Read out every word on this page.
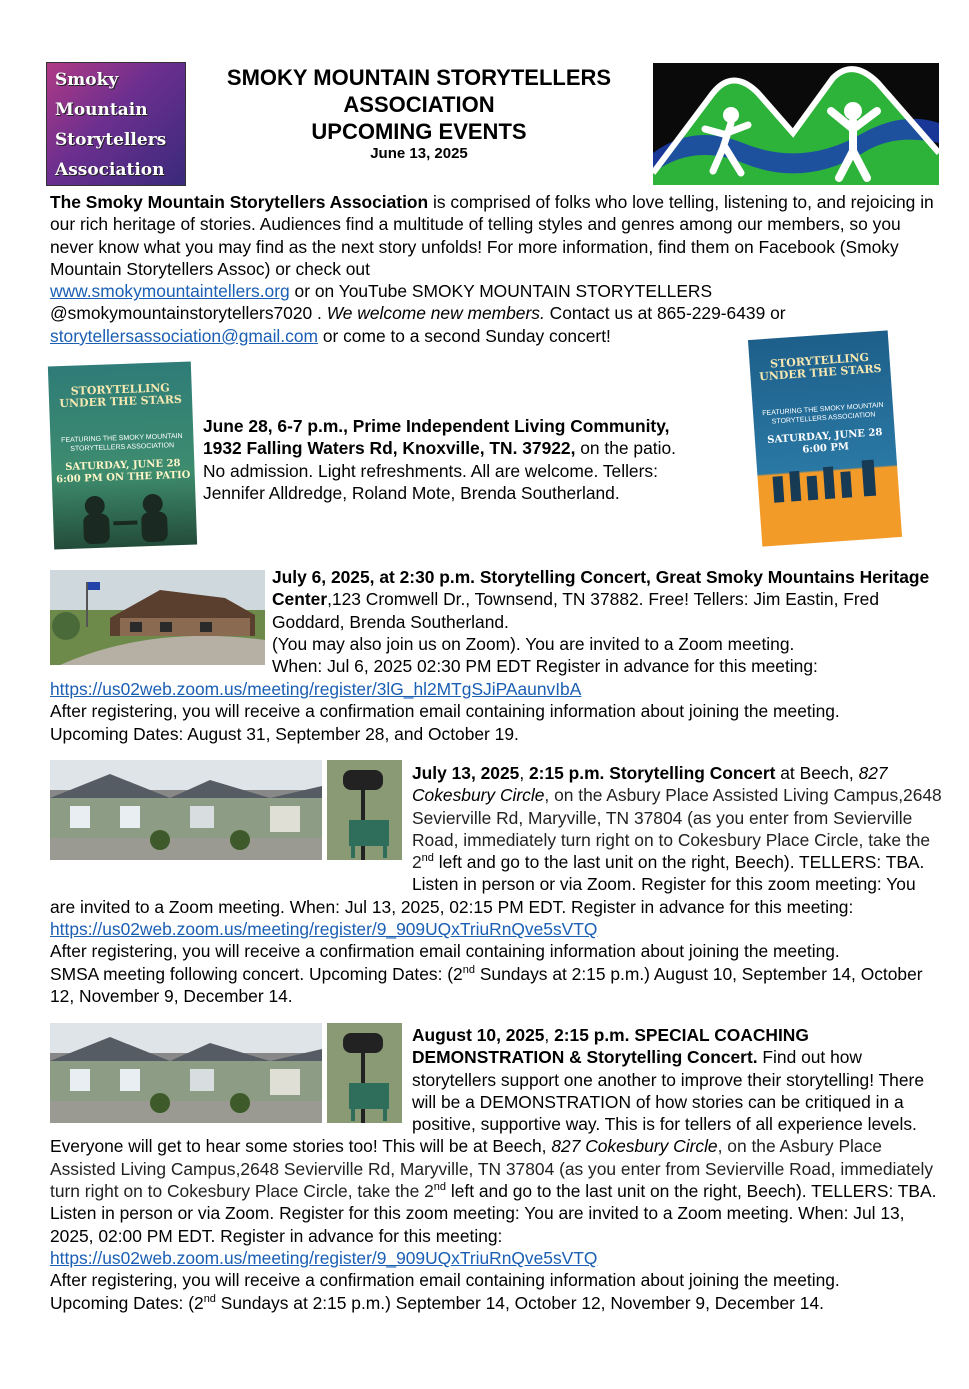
Smoky
Mountain
Storytellers
Association
SMOKY MOUNTAIN STORYTELLERS
ASSOCIATION
UPCOMING EVENTS
June 13, 2025
The Smoky Mountain Storytellers Association is comprised of folks who love telling, listening to, and rejoicing in our rich heritage of stories. Audiences find a multitude of telling styles and genres among our members, so you never know what you may find as the next story unfolds! For more information, find them on Facebook (Smoky Mountain Storytellers Assoc) or check out
www.smokymountaintellers.org or on YouTube SMOKY MOUNTAIN STORYTELLERS @smokymountainstorytellers7020 . We welcome new members. Contact us at 865-229-6439 or
storytellersassociation@gmail.com or come to a second Sunday concert!
STORYTELLING UNDER THE STARS
FEATURING THE SMOKY MOUNTAIN STORYTELLERS ASSOCIATION
SATURDAY, JUNE 28 6:00 PM ON THE PATIO
June 28, 6-7 p.m., Prime Independent Living Community,
1932 Falling Waters Rd, Knoxville, TN. 37922, on the patio.
No admission. Light refreshments. All are welcome. Tellers:
Jennifer Alldredge, Roland Mote, Brenda Southerland.
STORYTELLING UNDER THE STARS
FEATURING THE SMOKY MOUNTAIN STORYTELLERS ASSOCIATION
SATURDAY, JUNE 28 6:00 PM
July 6, 2025, at 2:30 p.m. Storytelling Concert, Great Smoky Mountains Heritage Center,123 Cromwell Dr., Townsend, TN 37882. Free! Tellers: Jim Eastin, Fred Goddard, Brenda Southerland.
(You may also join us on Zoom). You are invited to a Zoom meeting.
When: Jul 6, 2025 02:30 PM EDT Register in advance for this meeting:
https://us02web.zoom.us/meeting/register/3lG_hl2MTgSJiPAaunvIbA
After registering, you will receive a confirmation email containing information about joining the meeting.
Upcoming Dates: August 31, September 28, and October 19.
July 13, 2025, 2:15 p.m. Storytelling Concert at Beech, 827 Cokesbury Circle, on the Asbury Place Assisted Living Campus,2648 Sevierville Rd, Maryville, TN 37804 (as you enter from Sevierville Road, immediately turn right on to Cokesbury Place Circle, take the 2nd left and go to the last unit on the right, Beech). TELLERS: TBA. Listen in person or via Zoom. Register for this zoom meeting: You are invited to a Zoom meeting. When: Jul 13, 2025, 02:15 PM EDT. Register in advance for this meeting: https://us02web.zoom.us/meeting/register/9_909UQxTriuRnQve5sVTQ
After registering, you will receive a confirmation email containing information about joining the meeting.
SMSA meeting following concert. Upcoming Dates: (2nd Sundays at 2:15 p.m.) August 10, September 14, October 12, November 9, December 14.
August 10, 2025, 2:15 p.m. SPECIAL COACHING DEMONSTRATION & Storytelling Concert. Find out how storytellers support one another to improve their storytelling! There will be a DEMONSTRATION of how stories can be critiqued in a positive, supportive way. This is for tellers of all experience levels. Everyone will get to hear some stories too! This will be at Beech, 827 Cokesbury Circle, on the Asbury Place Assisted Living Campus,2648 Sevierville Rd, Maryville, TN 37804 (as you enter from Sevierville Road, immediately turn right on to Cokesbury Place Circle, take the 2nd left and go to the last unit on the right, Beech). TELLERS: TBA. Listen in person or via Zoom. Register for this zoom meeting: You are invited to a Zoom meeting. When: Jul 13, 2025, 02:00 PM EDT. Register in advance for this meeting: https://us02web.zoom.us/meeting/register/9_909UQxTriuRnQve5sVTQ
After registering, you will receive a confirmation email containing information about joining the meeting.
Upcoming Dates: (2nd Sundays at 2:15 p.m.) September 14, October 12, November 9, December 14.
